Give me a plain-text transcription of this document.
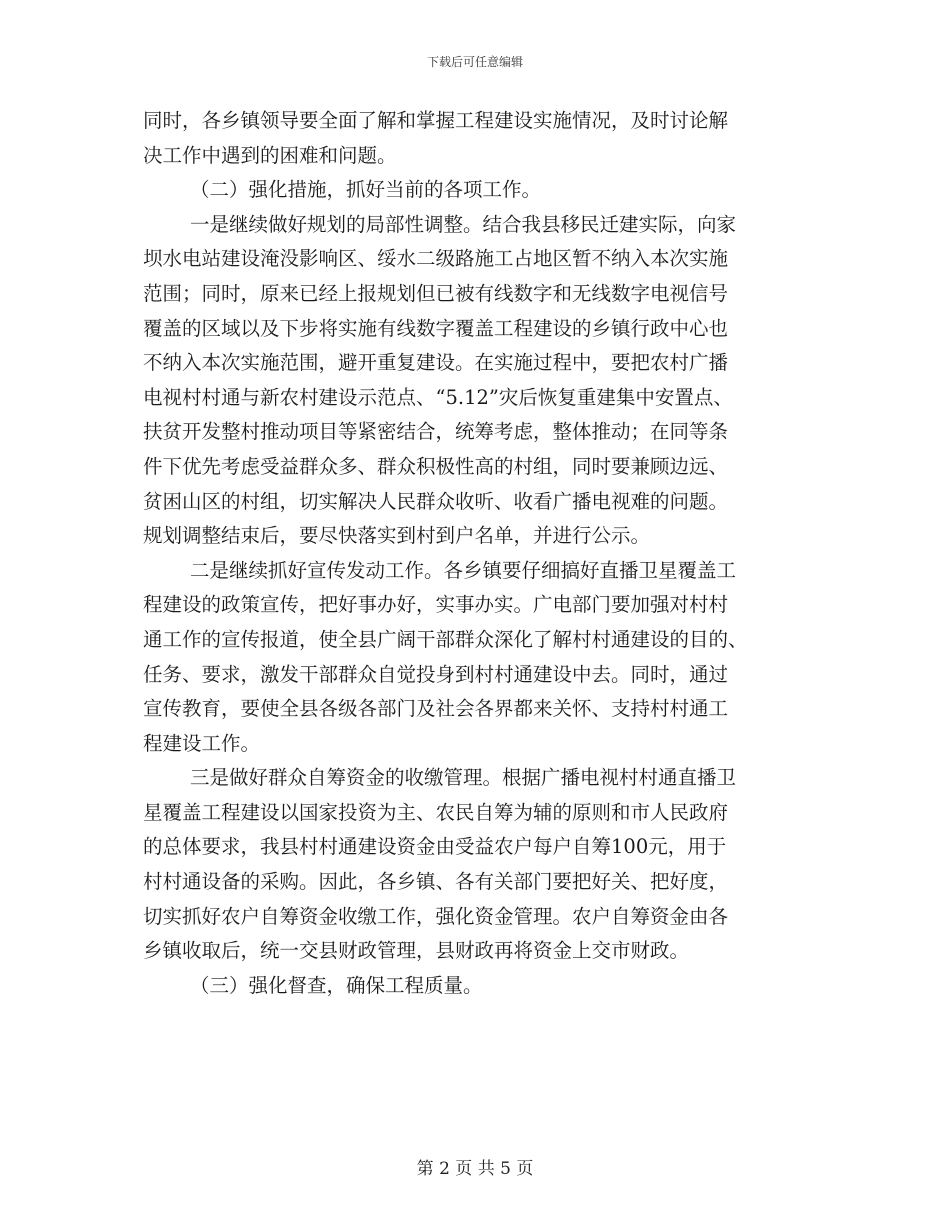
下载后可任意编辑
同时，各乡镇领导要全面了解和掌握工程建设实施情况，及时讨论解
决工作中遇到的困难和问题。
（二）强化措施，抓好当前的各项工作。
一是继续做好规划的局部性调整。结合我县移民迁建实际，向家
坝水电站建设淹没影响区、绥水二级路施工占地区暂不纳入本次实施
范围；同时，原来已经上报规划但已被有线数字和无线数字电视信号
覆盖的区域以及下步将实施有线数字覆盖工程建设的乡镇行政中心也
不纳入本次实施范围，避开重复建设。在实施过程中，要把农村广播
电视村村通与新农村建设示范点、“5.12”灾后恢复重建集中安置点、
扶贫开发整村推动项目等紧密结合，统筹考虑，整体推动；在同等条
件下优先考虑受益群众多、群众积极性高的村组，同时要兼顾边远、
贫困山区的村组，切实解决人民群众收听、收看广播电视难的问题。
规划调整结束后，要尽快落实到村到户名单，并进行公示。
二是继续抓好宣传发动工作。各乡镇要仔细搞好直播卫星覆盖工
程建设的政策宣传，把好事办好，实事办实。广电部门要加强对村村
通工作的宣传报道，使全县广阔干部群众深化了解村村通建设的目的、
任务、要求，激发干部群众自觉投身到村村通建设中去。同时，通过
宣传教育，要使全县各级各部门及社会各界都来关怀、支持村村通工
程建设工作。
三是做好群众自筹资金的收缴管理。根据广播电视村村通直播卫
星覆盖工程建设以国家投资为主、农民自筹为辅的原则和市人民政府
的总体要求，我县村村通建设资金由受益农户每户自筹100元，用于
村村通设备的采购。因此，各乡镇、各有关部门要把好关、把好度，
切实抓好农户自筹资金收缴工作，强化资金管理。农户自筹资金由各
乡镇收取后，统一交县财政管理，县财政再将资金上交市财政。
（三）强化督查，确保工程质量。
第 2 页 共 5 页
